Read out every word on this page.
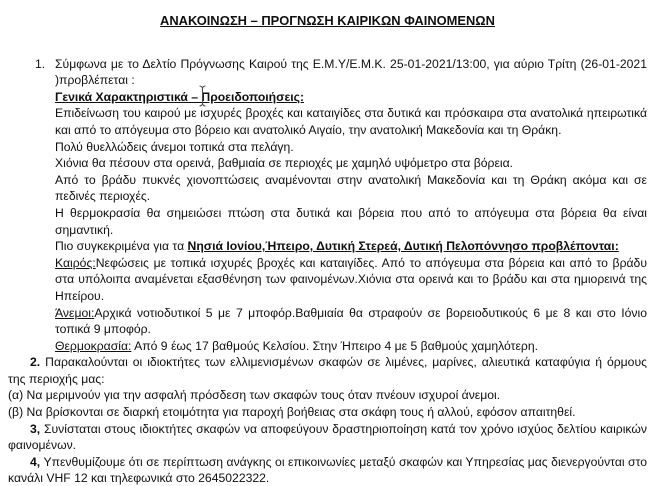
ΑΝΑΚΟΙΝΩΣΗ – ΠΡΟΓΝΩΣΗ ΚΑΙΡΙΚΩΝ ΦΑΙΝΟΜΕΝΩΝ
1. Σύμφωνα με το Δελτίο Πρόγνωσης Καιρού της Ε.Μ.Υ/Ε.Μ.Κ. 25-01-2021/13:00, για αύριο Τρίτη (26-01-2021 )προβλέπεται :

Γενικά Χαρακτηριστικά – Προειδοποιήσεις:

Επιδείνωση του καιρού με ισχυρές βροχές και καταιγίδες στα δυτικά και πρόσκαιρα στα ανατολικά ηπειρωτικά και από το απόγευμα στο βόρειο και ανατολικό Αιγαίο, την ανατολική Μακεδονία και τη Θράκη.

Πολύ θυελλώδεις άνεμοι τοπικά στα πελάγη.

Χιόνια θα πέσουν στα ορεινά, βαθμιαία σε περιοχές με χαμηλό υψόμετρο στα βόρεια.

Από το βράδυ πυκνές χιονοπτώσεις αναμένονται στην ανατολική Μακεδονία και τη Θράκη ακόμα και σε πεδινές περιοχές.

Η θερμοκρασία θα σημειώσει πτώση στα δυτικά και βόρεια που από το απόγευμα στα βόρεια θα είναι σημαντική.

Πιο συγκεκριμένα για τα Νησιά Ιονίου,Ήπειρο, Δυτική Στερεά, Δυτική Πελοπόννησο προβλέπονται:

Καιρός:Νεφώσεις με τοπικά ισχυρές βροχές και καταιγίδες. Από το απόγευμα στα βόρεια και από το βράδυ στα υπόλοιπα αναμένεται εξασθένηση των φαινομένων.Χιόνια στα ορεινά και το βράδυ και στα ημιορεινά της Ηπείρου.

Άνεμοι:Αρχικά νοτιοδυτικοί 5 με 7 μποφόρ.Βαθμιαία θα στραφούν σε βορειοδυτικούς 6 με 8 και στο Ιόνιο τοπικά 9 μποφόρ.

Θερμοκρασία: Από 9 έως 17 βαθμούς Κελσίου. Στην Ήπειρο 4 με 5 βαθμούς χαμηλότερη.

2. Παρακαλούνται οι ιδιοκτήτες των ελλιμενισμένων σκαφών σε λιμένες, μαρίνες, αλιευτικά καταφύγια ή όρμους της περιοχής μας:

(α) Να μεριμνούν για την ασφαλή πρόσδεση των σκαφών τους όταν πνέουν ισχυροί άνεμοι.

(β) Να βρίσκονται σε διαρκή ετοιμότητα για παροχή βοήθειας στα σκάφη τους ή αλλού, εφόσον απαιτηθεί.

3, Συνίσταται στους ιδιοκτήτες σκαφών να αποφεύγουν δραστηριοποίηση κατά τον χρόνο ισχύος δελτίου καιρικών φαινομένων.

4, Υπενθυμίζουμε ότι σε περίπτωση ανάγκης οι επικοινωνίες μεταξύ σκαφών και Υπηρεσίας μας διενεργούνται στο κανάλι VHF 12 και τηλεφωνικά στο 2645022322.
